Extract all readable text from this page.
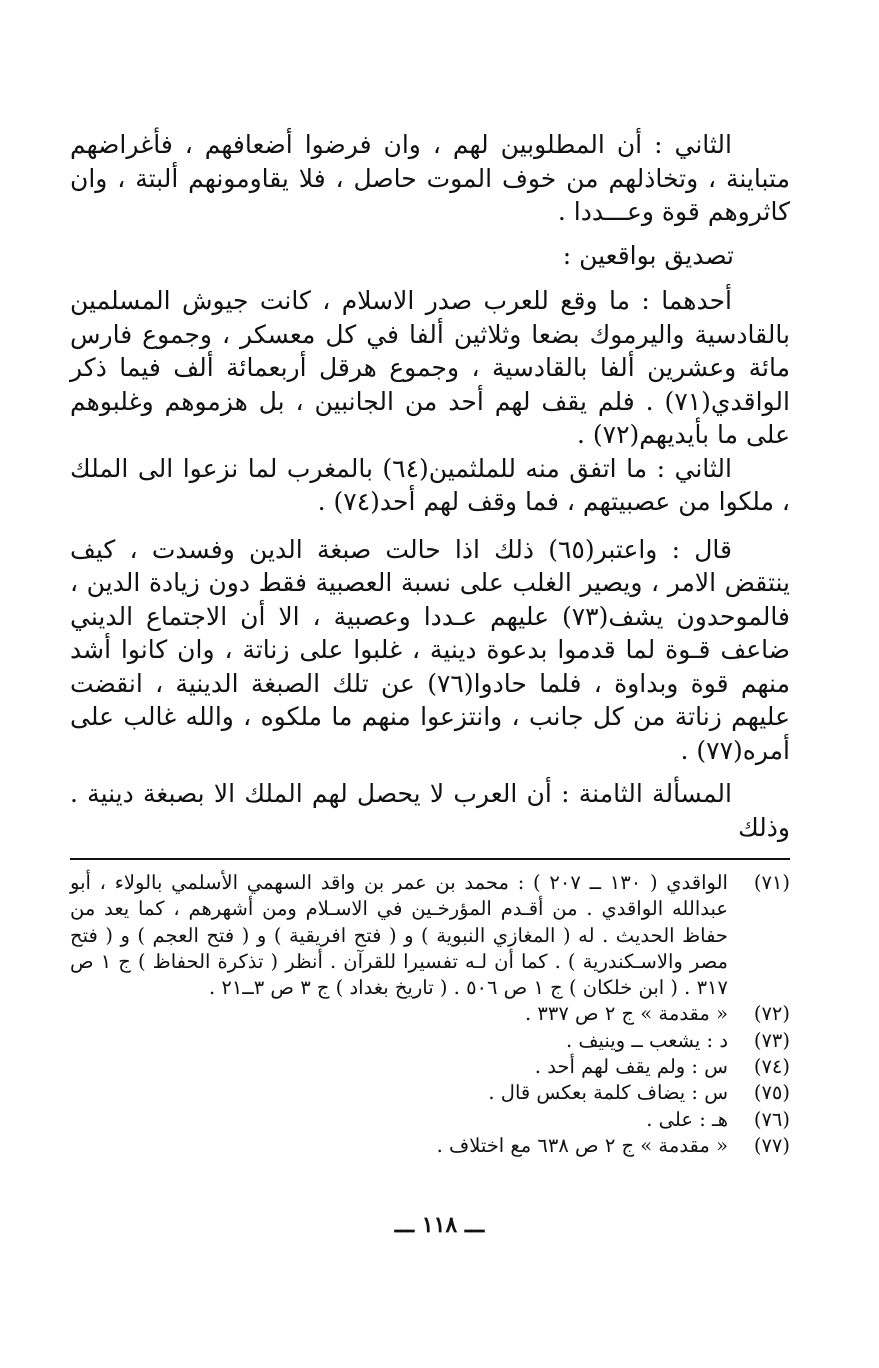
الثاني : أن المطلوبين لهم ، وان فرضوا أضعافهم ، فأغراضهم متباينة ، وتخاذلهم من خوف الموت حاصل ، فلا يقاومونهم ألبتة ، وان كاثروهم قوة وعـــددا .

تصديق بواقعين :

أحدهما : ما وقع للعرب صدر الاسلام ، كانت جيوش المسلمين بالقادسية واليرموك بضعا وثلاثين ألفا في كل معسكر ، وجموع فارس مائة وعشرين ألفا بالقادسية ، وجموع هرقل أربعمائة ألف فيما ذكر الواقدي(٧١) . فلم يقف لهم أحد من الجانبين ، بل هزموهم وغلبوهم على ما بأيديهم(٧٢) .

الثاني : ما اتفق منه للملثمين(٦٤) بالمغرب لما نزعوا الى الملك ، ملكوا من عصبيتهم ، فما وقف لهم أحد(٧٤) .

قال : واعتبر(٦٥) ذلك اذا حالت صبغة الدين وفسدت ، كيف ينتقض الامر ، ويصير الغلب على نسبة العصبية فقط دون زيادة الدين ، فالموحدون يشف(٧٣) عليهم عـددا وعصبية ، الا أن الاجتماع الديني ضاعف قـوة لما قدموا بدعوة دينية ، غلبوا على زناتة ، وان كانوا أشد منهم قوة وبداوة ، فلما حادوا(٧٦) عن تلك الصبغة الدينية ، انقضت عليهم زناتة من كل جانب ، وانتزعوا منهم ما ملكوه ، والله غالب على أمره(٧٧) .

المسألة الثامنة : أن العرب لا يحصل لهم الملك الا بصبغة دينية . وذلك

(٧١)
الواقدي ( ١٣٠ ــ ٢٠٧ ) : محمد بن عمر بن واقد السهمي الأسلمي بالولاء ، أبو عبدالله الواقدي . من أقـدم المؤرخـين في الاسـلام ومن أشهرهم ، كما يعد من حفاظ الحديث . له ( المغازي النبوية ) و ( فتح افريقية ) و ( فتح العجم ) و ( فتح مصر والاسـكندرية ) . كما أن لـه تفسيرا للقرآن . أنظر ( تذكرة الحفاظ ) ج ١ ص ٣١٧ . ( ابن خلكان ) ج ١ ص ٥٠٦ . ( تاريخ بغداد ) ج ٣ ص ٣ــ٢١ .
(٧٢)
« مقدمة » ج ٢ ص ٣٣٧ .
(٧٣)
د : يشعب ــ وينيف .
(٧٤)
س : ولم يقف لهم أحد .
(٧٥)
س : يضاف كلمة بعكس قال .
(٧٦)
هـ : على .
(٧٧)
« مقدمة » ج ٢ ص ٦٣٨ مع اختلاف .
ـــ ١١٨ ـــ
